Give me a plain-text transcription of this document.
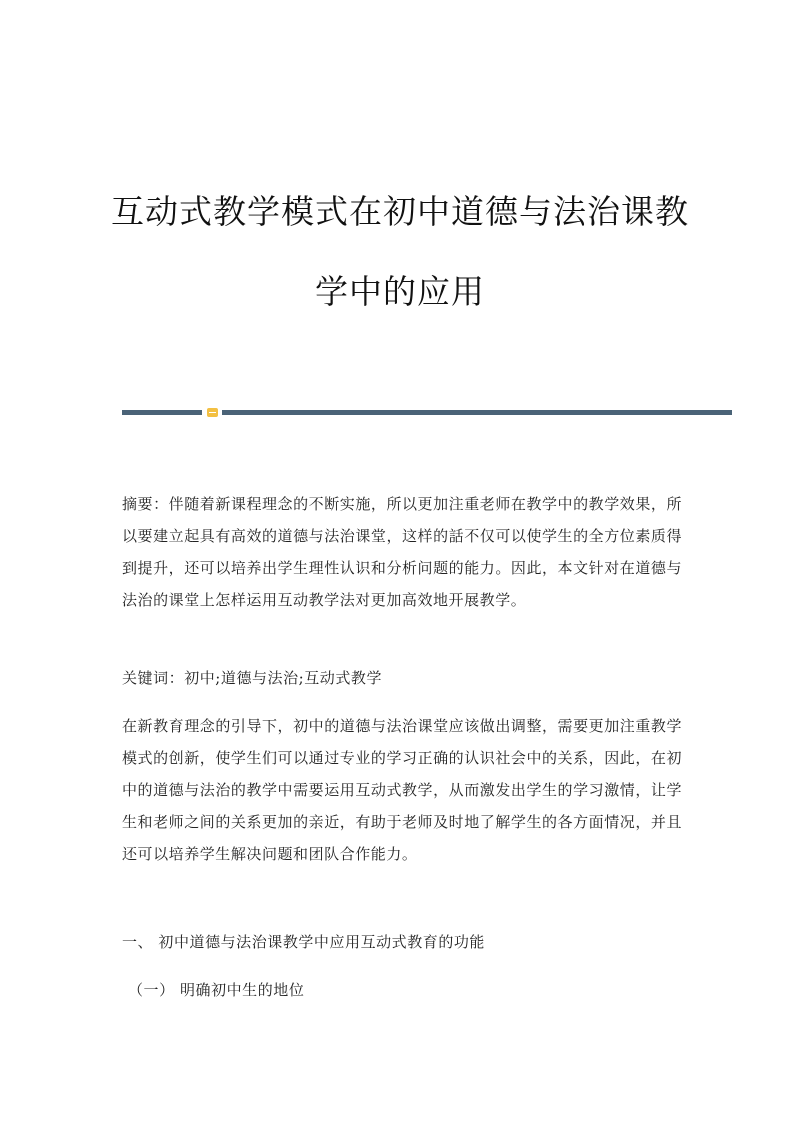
互动式教学模式在初中道德与法治课教
学中的应用

摘要：伴随着新课程理念的不断实施，所以更加注重老师在教学中的教学效果，所以要建立起具有高效的道德与法治课堂，这样的話不仅可以使学生的全方位素质得到提升，还可以培养出学生理性认识和分析问题的能力。因此，本文针对在道德与法治的课堂上怎样运用互动教学法对更加高效地开展教学。

关键词：初中;道德与法治;互动式教学

在新教育理念的引导下，初中的道德与法治课堂应该做出调整，需要更加注重教学模式的创新，使学生们可以通过专业的学习正确的认识社会中的关系，因此，在初中的道德与法治的教学中需要运用互动式教学，从而激发出学生的学习激情，让学生和老师之间的关系更加的亲近，有助于老师及时地了解学生的各方面情况，并且还可以培养学生解决问题和团队合作能力。

一、 初中道德与法治课教学中应用互动式教育的功能

（一） 明确初中生的地位
